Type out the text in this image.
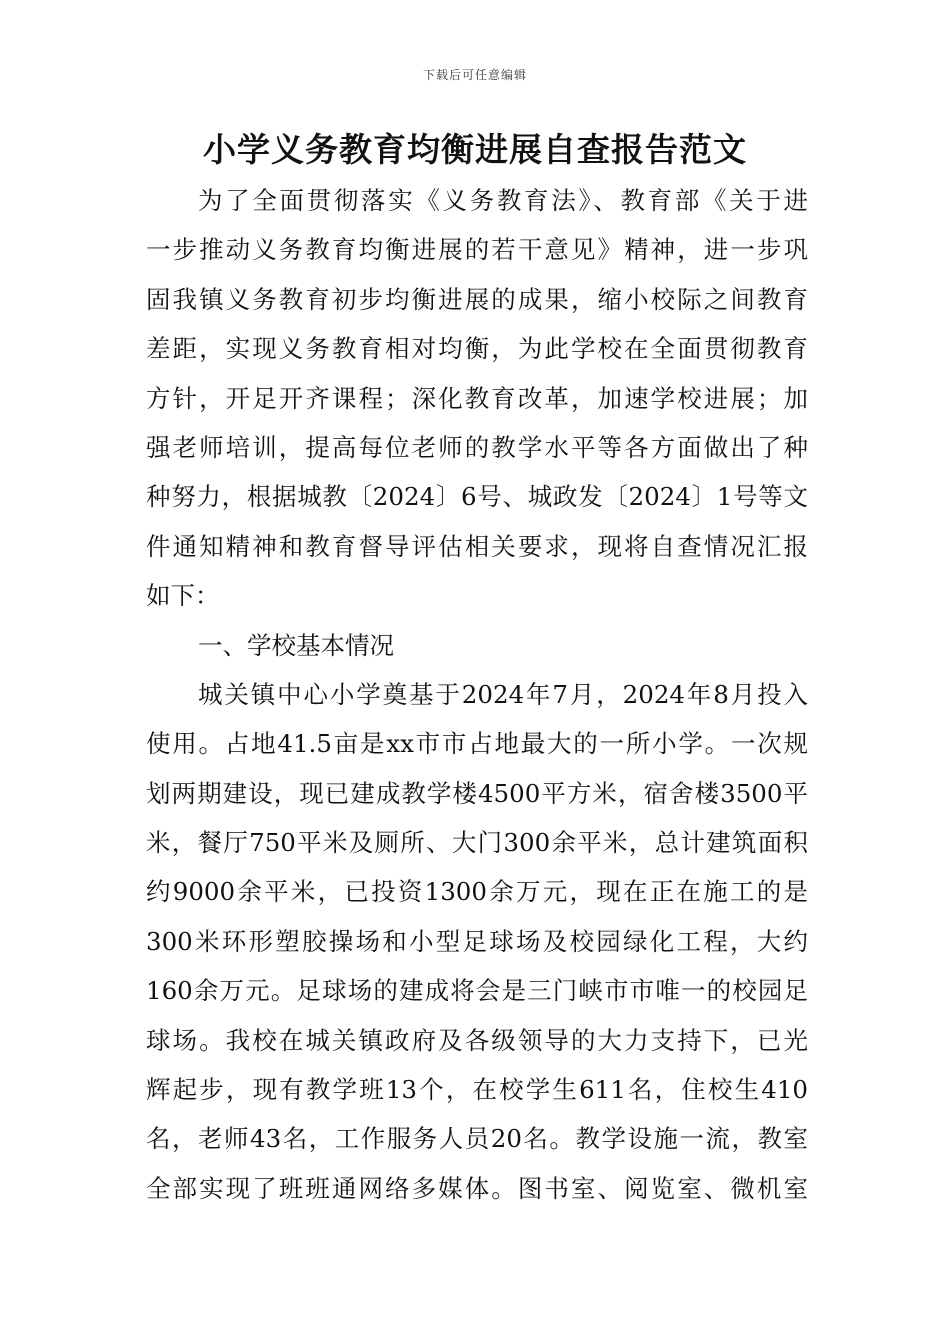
下载后可任意编辑
小学义务教育均衡进展自查报告范文
为了全面贯彻落实《义务教育法》、教育部《关于进
一步推动义务教育均衡进展的若干意见》精神，进一步巩
固我镇义务教育初步均衡进展的成果，缩小校际之间教育
差距，实现义务教育相对均衡，为此学校在全面贯彻教育
方针，开足开齐课程；深化教育改革，加速学校进展；加
强老师培训，提高每位老师的教学水平等各方面做出了种
种努力，根据城教〔2024〕6号、城政发〔2024〕1号等文
件通知精神和教育督导评估相关要求，现将自查情况汇报
如下：
一、学校基本情况
城关镇中心小学奠基于2024年7月，2024年8月投入
使用。占地41.5亩是xx市市占地最大的一所小学。一次规
划两期建设，现已建成教学楼4500平方米，宿舍楼3500平
米，餐厅750平米及厕所、大门300余平米，总计建筑面积
约9000余平米，已投资1300余万元，现在正在施工的是
300米环形塑胶操场和小型足球场及校园绿化工程，大约
160余万元。足球场的建成将会是三门峡市市唯一的校园足
球场。我校在城关镇政府及各级领导的大力支持下，已光
辉起步，现有教学班13个，在校学生611名，住校生410
名，老师43名，工作服务人员20名。教学设施一流，教室
全部实现了班班通网络多媒体。图书室、阅览室、微机室
